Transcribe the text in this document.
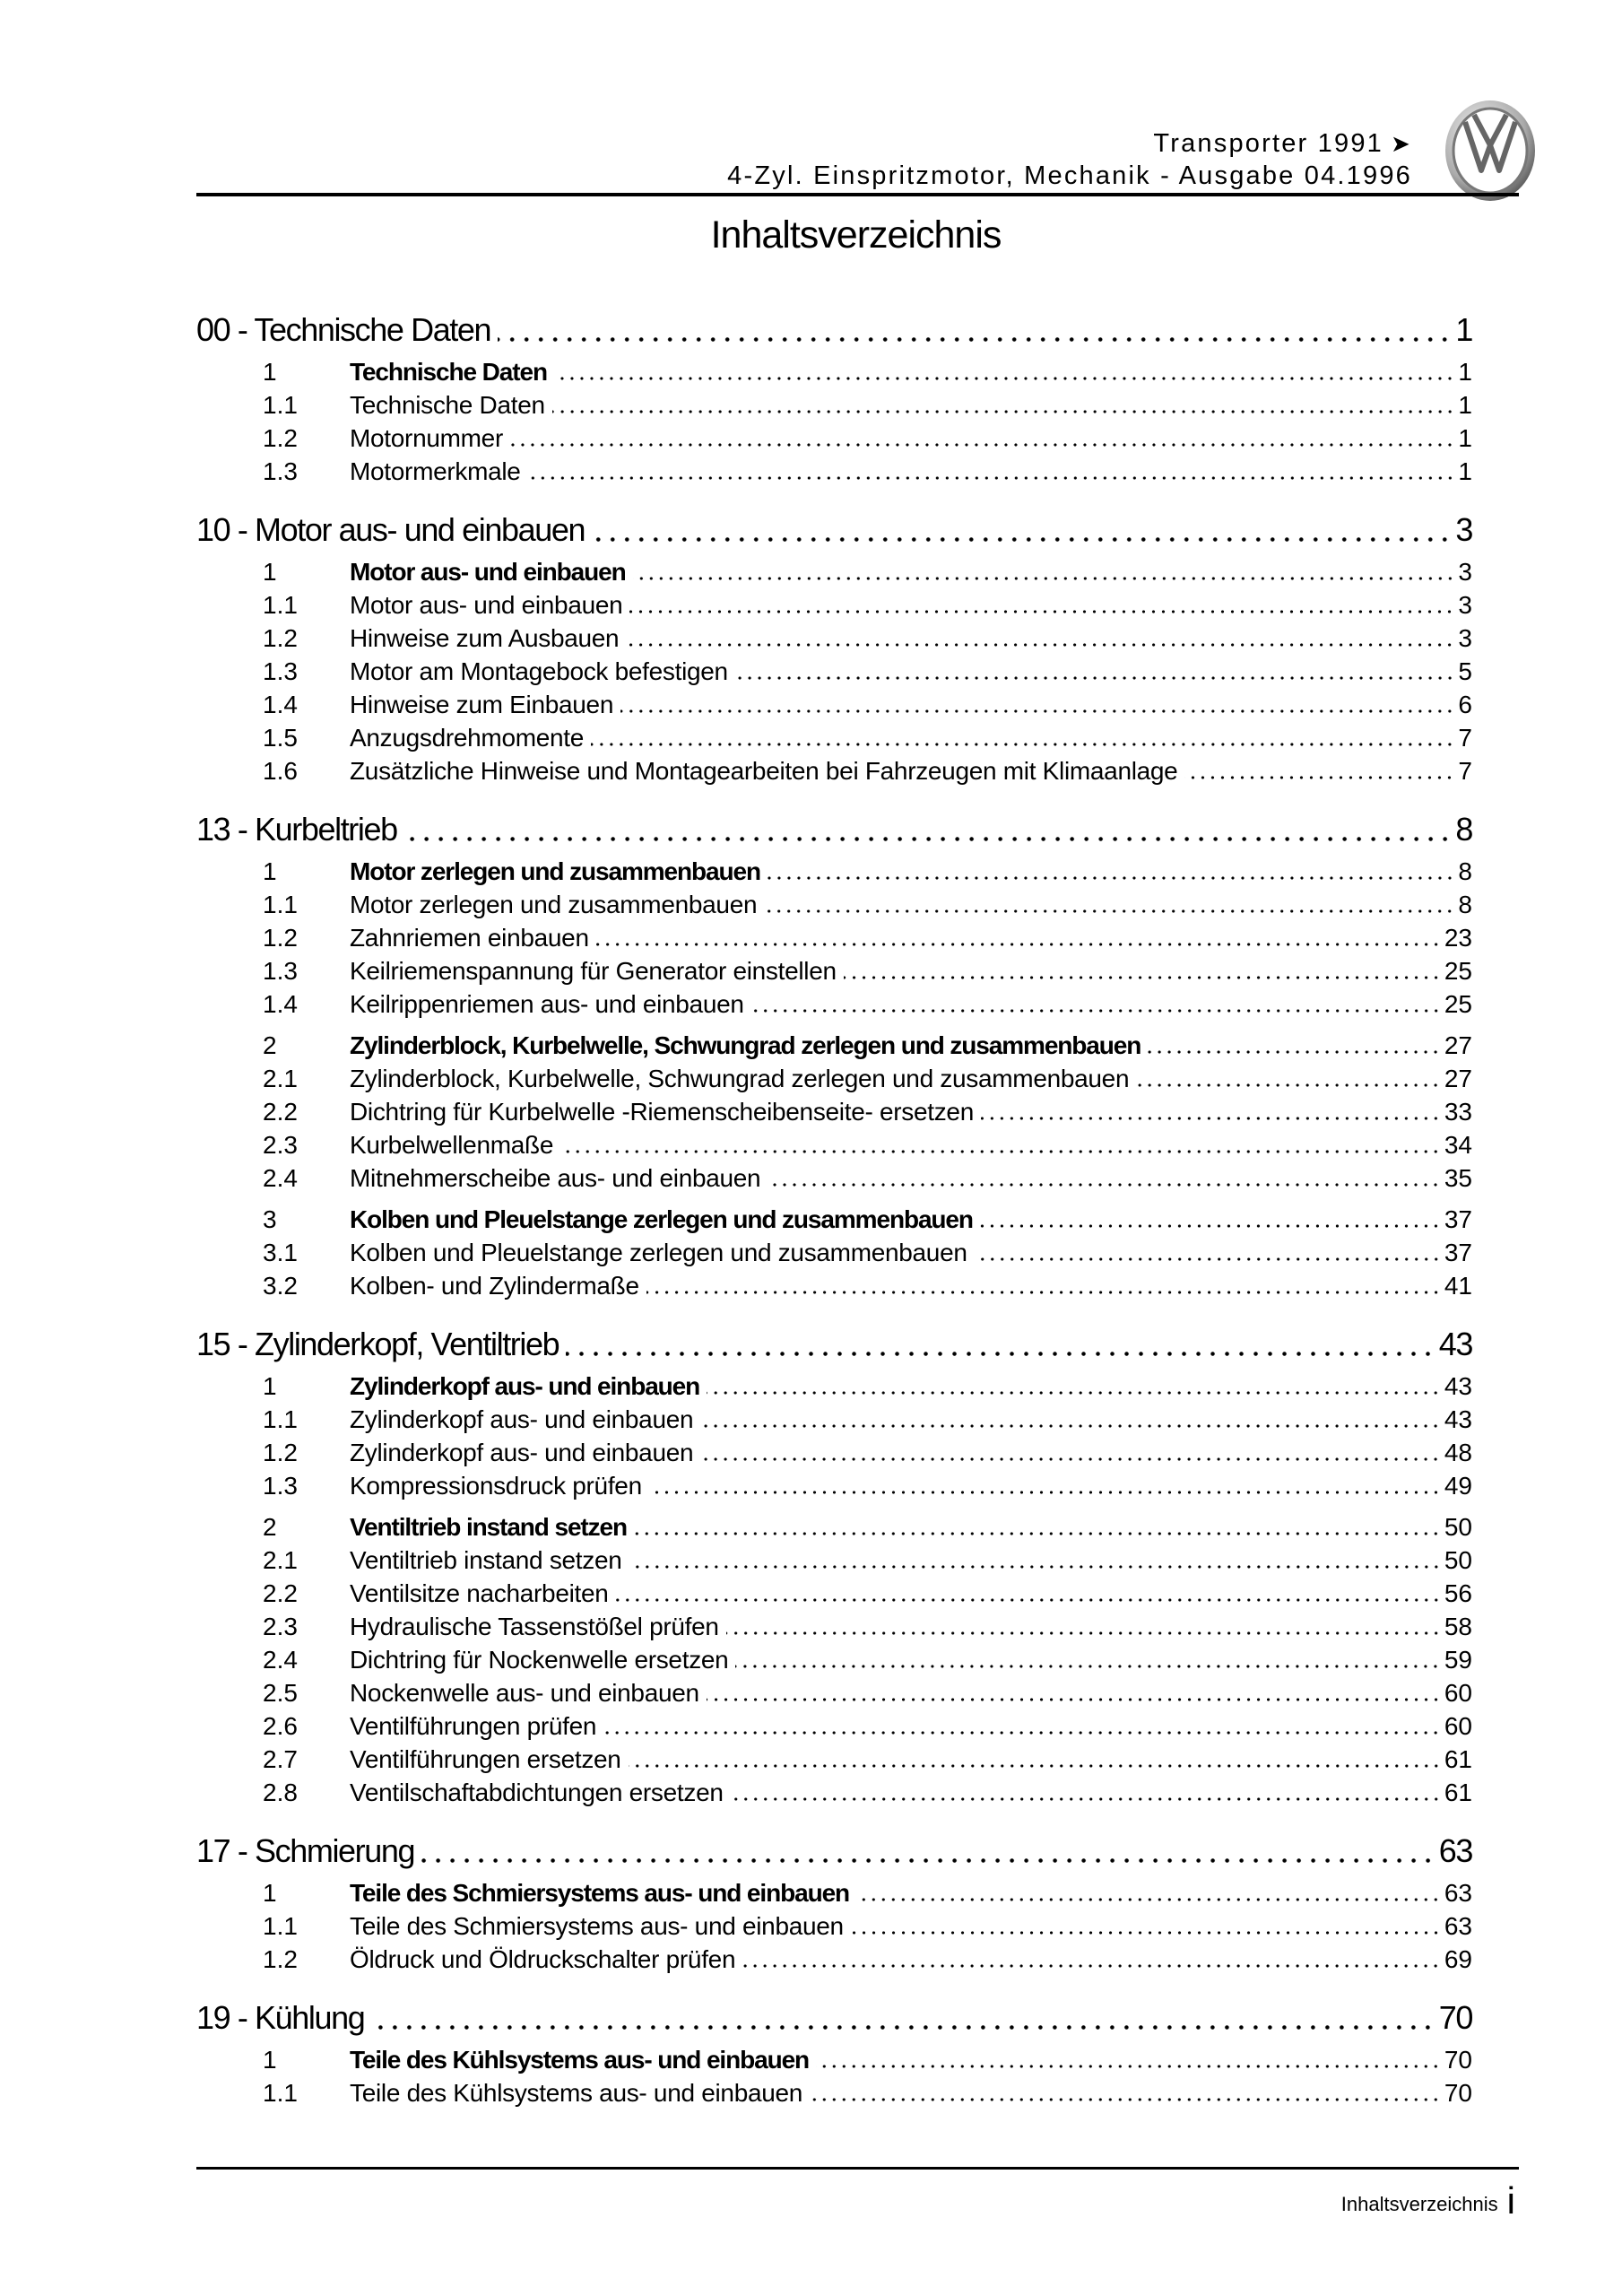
Transporter 1991 ➤
4-Zyl. Einspritzmotor, Mechanik - Ausgabe 04.1996
Inhaltsverzeichnis
00 - Technische Daten	1
1	Technische Daten	1
1.1	Technische Daten	1
1.2	Motornummer	1
1.3	Motormerkmale	1
10 - Motor aus- und einbauen	3
1	Motor aus- und einbauen	3
1.1	Motor aus- und einbauen	3
1.2	Hinweise zum Ausbauen	3
1.3	Motor am Montagebock befestigen	5
1.4	Hinweise zum Einbauen	6
1.5	Anzugsdrehmomente	7
1.6	Zusätzliche Hinweise und Montagearbeiten bei Fahrzeugen mit Klimaanlage	7
13 - Kurbeltrieb	8
1	Motor zerlegen und zusammenbauen	8
1.1	Motor zerlegen und zusammenbauen	8
1.2	Zahnriemen einbauen	23
1.3	Keilriemenspannung für Generator einstellen	25
1.4	Keilrippenriemen aus- und einbauen	25
2	Zylinderblock, Kurbelwelle, Schwungrad zerlegen und zusammenbauen	27
2.1	Zylinderblock, Kurbelwelle, Schwungrad zerlegen und zusammenbauen	27
2.2	Dichtring für Kurbelwelle -Riemenscheibenseite- ersetzen	33
2.3	Kurbelwellenmaße	34
2.4	Mitnehmerscheibe aus- und einbauen	35
3	Kolben und Pleuelstange zerlegen und zusammenbauen	37
3.1	Kolben und Pleuelstange zerlegen und zusammenbauen	37
3.2	Kolben- und Zylindermaße	41
15 - Zylinderkopf, Ventiltrieb	43
1	Zylinderkopf aus- und einbauen	43
1.1	Zylinderkopf aus- und einbauen	43
1.2	Zylinderkopf aus- und einbauen	48
1.3	Kompressionsdruck prüfen	49
2	Ventiltrieb instand setzen	50
2.1	Ventiltrieb instand setzen	50
2.2	Ventilsitze nacharbeiten	56
2.3	Hydraulische Tassenstößel prüfen	58
2.4	Dichtring für Nockenwelle ersetzen	59
2.5	Nockenwelle aus- und einbauen	60
2.6	Ventilführungen prüfen	60
2.7	Ventilführungen ersetzen	61
2.8	Ventilschaftabdichtungen ersetzen	61
17 - Schmierung	63
1	Teile des Schmiersystems aus- und einbauen	63
1.1	Teile des Schmiersystems aus- und einbauen	63
1.2	Öldruck und Öldruckschalter prüfen	69
19 - Kühlung	70
1	Teile des Kühlsystems aus- und einbauen	70
1.1	Teile des Kühlsystems aus- und einbauen	70
Inhaltsverzeichnis i
